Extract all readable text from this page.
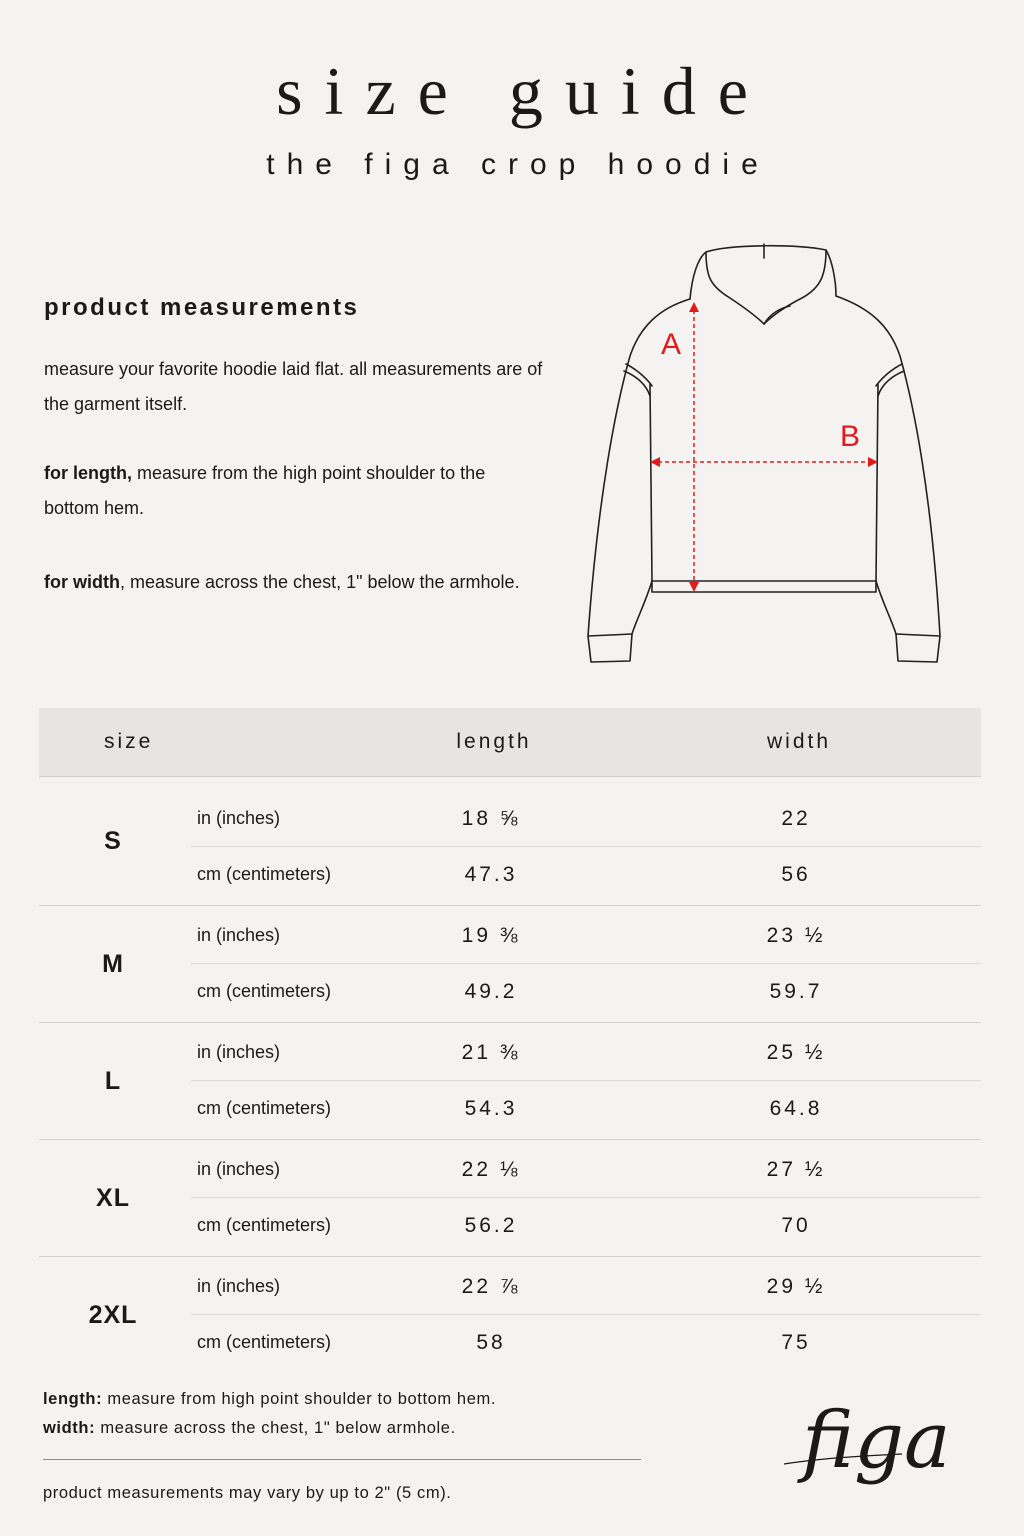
size guide
the figa crop hoodie
product measurements
measure your favorite hoodie laid flat. all measurements are of the garment itself.
for length, measure from the high point shoulder to the bottom hem.
for width, measure across the chest, 1" below the armhole.
A
B
size	length	width
S
in (inches)	18 ⅝	22
cm (centimeters)	47.3	56
M
in (inches)	19 ⅜	23 ½
cm (centimeters)	49.2	59.7
L
in (inches)	21 ⅜	25 ½
cm (centimeters)	54.3	64.8
XL
in (inches)	22 ⅛	27 ½
cm (centimeters)	56.2	70
2XL
in (inches)	22 ⅞	29 ½
cm (centimeters)	58	75
length: measure from high point shoulder to bottom hem.
width: measure across the chest, 1" below armhole.
product measurements may vary by up to 2" (5 cm).
figa
